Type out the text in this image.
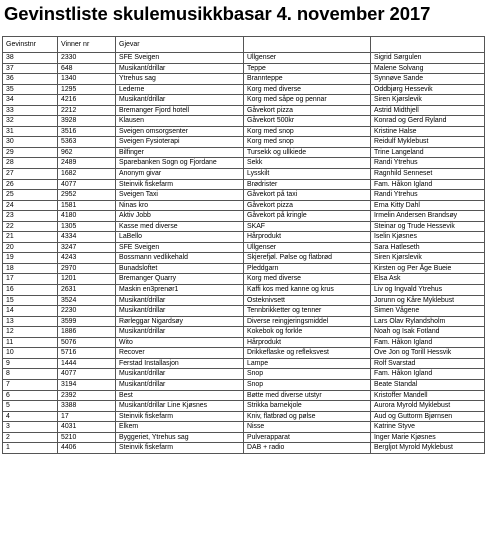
Gevinstliste skulemusikkbasar 4. november 2017
Gevinstnr	Vinner nr	Gjevar		
38	2330	SFE Sveigen	Ullgenser	Sigrid Sørgulen
37	648	Musikant/drillar	Teppe	Malene Solvang
36	1340	Ytrehus sag	Brannteppe	Synnøve Sande
35	1295	Lederne	Korg med diverse	Oddbjørg Hessevik
34	4216	Musikant/drillar	Korg med såpe og pennar	Siren Kjørslevik
33	2212	Bremanger Fjord hotell	Gåvekort pizza	Astrid Midthjell
32	3928	Klausen	Gåvekort 500kr	Konrad og Gerd Ryland
31	3516	Sveigen omsorgsenter	Korg med snop	Kristine Halse
30	5363	Sveigen Fysioterapi	Korg med snop	Reidulf Myklebust
29	962	Bilfinger	Tursekk og ullkiede	Trine Langeland
28	2489	Sparebanken Sogn og Fjordane	Sekk	Randi Ytrehus
27	1682	Anonym givar	Lysskilt	Ragnhild Senneset
26	4077	Steinvik fiskefarm	Brødrister	Fam. Håkon Igland
25	2952	Sveigen Taxi	Gåvekort på taxi	Randi Ytrehus
24	1581	Ninas kro	Gåvekort pizza	Erna Kitty Dahl
23	4180	Aktiv Jobb	Gåvekort på kringle	Irmelin Andersen Brandsøy
22	1305	Kasse med diverse	SKAF	Steinar og Trude Hessevik
21	4334	LaBello	Hårprodukt	Iselin Kjøsnes
20	3247	SFE Sveigen	Ullgenser	Sara Hatleseth
19	4243	Bossmann vedlikehald	Skjerefjøl. Pølse og flatbrød	Siren Kjørslevik
18	2970	Bunadsloftet	Pleddgarn	Kirsten og Per Åge Bueie
17	1201	Bremanger Quarry	Korg med diverse	Elsa Ask
16	2631	Maskin en3prenør1	Kaffi kos med kanne og krus	Liv og Ingvald Ytrehus
15	3524	Musikant/drillar	Osteknivsett	Jorunn og Kåre Myklebust
14	2230	Musikant/drillar	Tennbrikketter og tenner	Simen Vågene
13	3599	Rørleggar Nigardsøy	Diverse reingjeringsmiddel	Lars Olav Rylandsholm
12	1886	Musikant/drillar	Kokebok og forkle	Noah og Isak Fotland
11	5076	Wito	Hårprodukt	Fam. Håkon Igland
10	5716	Recover	Drikkeflaske og refleksvest	Ove Jon og Torill Hessvik
9	1444	Ferstad Installasjon	Lampe	Rolf Svarstad
8	4077	Musikant/drillar	Snop	Fam. Håkon Igland
7	3194	Musikant/drillar	Snop	Beate Standal
6	2392	Best	Bøtte med diverse utstyr	Kristoffer Mandell
5	3388	Musikant/drillar Line Kjøsnes	Strikka barnekjole	Aurora Myrold Myklebust
4	17	Steinvik fiskefarm	Kniv, flatbrød og pølse	Aud og Guttorm Bjørnsen
3	4031	Elkem	Nisse	Katrine Styve
2	5210	Byggeriet, Ytrehus sag	Pulverapparat	Inger Marie Kjøsnes
1	4406	Steinvik fiskefarm	DAB + radio	Bergljot Myrold Myklebust
